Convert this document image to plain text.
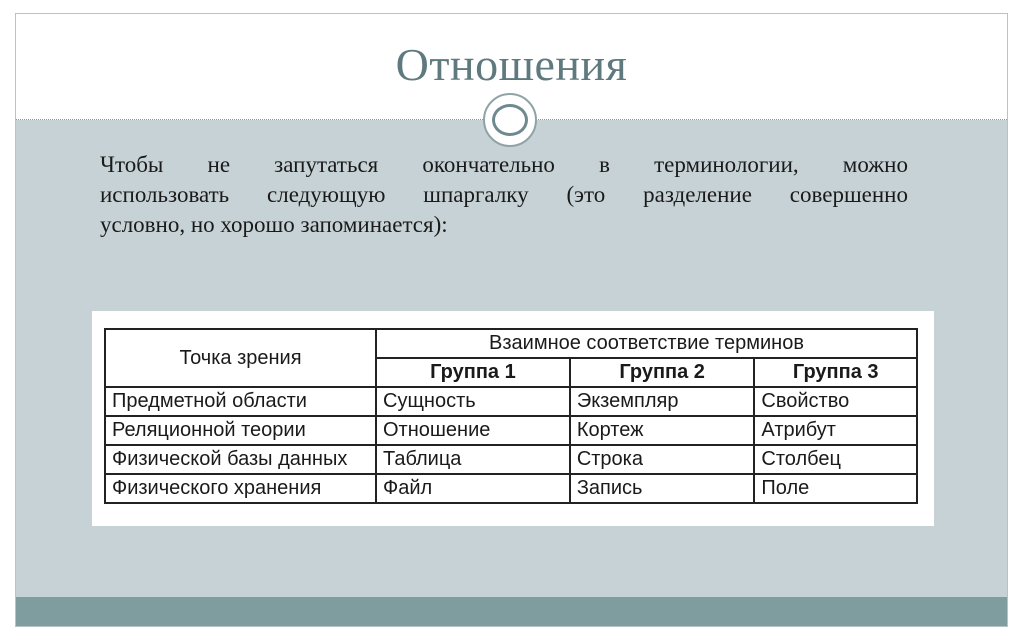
Отношения
Чтобы не запутаться окончательно в терминологии, можно
использовать следующую шпаргалку (это разделение совершенно
условно, но хорошо запоминается):
Точка зрения	Взаимное соответствие терминов		
	Группа 1	Группа 2	Группа 3
Предметной области	Сущность	Экземпляр	Свойство
Реляционной теории	Отношение	Кортеж	Атрибут
Физической базы данных	Таблица	Строка	Столбец
Физического хранения	Файл	Запись	Поле
